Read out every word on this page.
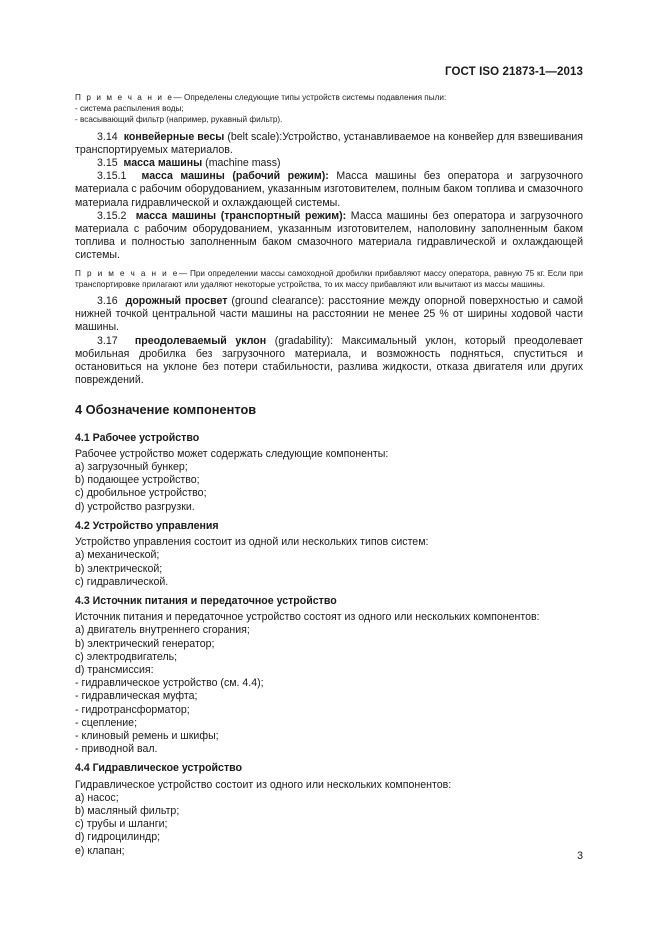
ГОСТ ISO 21873-1—2013

П р и м е ч а н и е— Определены следующие типы устройств системы подавления пыли:

- система распыления воды;

- всасывающий фильтр (например, рукавный фильтр).

3.14 конвейерные весы (belt scale):Устройство, устанавливаемое на конвейер для взвешивания транспортируемых материалов.

3.15 масса машины (machine mass)

3.15.1 масса машины (рабочий режим): Масса машины без оператора и загрузочного материала с рабочим оборудованием, указанным изготовителем, полным баком топлива и смазочного материала гидравлической и охлаждающей системы.

3.15.2 масса машины (транспортный режим): Масса машины без оператора и загрузочного материала с рабочим оборудованием, указанным изготовителем, наполовину заполненным баком топлива и полностью заполненным баком смазочного материала гидравлической и охлаждающей системы.

П р и м е ч а н и е— При определении массы самоходной дробилки прибавляют массу оператора, равную 75 кг. Если при транспортировке прилагают или удаляют некоторые устройства, то их массу прибавляют или вычитают из массы машины.

3.16 дорожный просвет (ground clearance): расстояние между опорной поверхностью и самой нижней точкой центральной части машины на расстоянии не менее 25 % от ширины ходовой части машины.

3.17 преодолеваемый уклон (gradability): Максимальный уклон, который преодолевает мобильная дробилка без загрузочного материала, и возможность подняться, спуститься и остановиться на уклоне без потери стабильности, разлива жидкости, отказа двигателя или других повреждений.

4 Обозначение компонентов

4.1 Рабочее устройство

Рабочее устройство может содержать следующие компоненты:

a) загрузочный бункер;

b) подающее устройство;

c) дробильное устройство;

d) устройство разгрузки.

4.2 Устройство управления

Устройство управления состоит из одной или нескольких типов систем:

a) механической;

b) электрической;

c) гидравлической.

4.3 Источник питания и передаточное устройство

Источник питания и передаточное устройство состоят из одного или нескольких компонентов:

a) двигатель внутреннего сгорания;

b) электрический генератор;

c) электродвигатель;

d) трансмиссия:

- гидравлическое устройство (см. 4.4);

- гидравлическая муфта;

- гидротрансформатор;

- сцепление;

- клиновый ремень и шкифы;

- приводной вал.

4.4 Гидравлическое устройство

Гидравлическое устройство состоит из одного или нескольких компонентов:

a) насос;

b) масляный фильтр;

c) трубы и шланги;

d) гидроцилиндр;

e) клапан;	3
